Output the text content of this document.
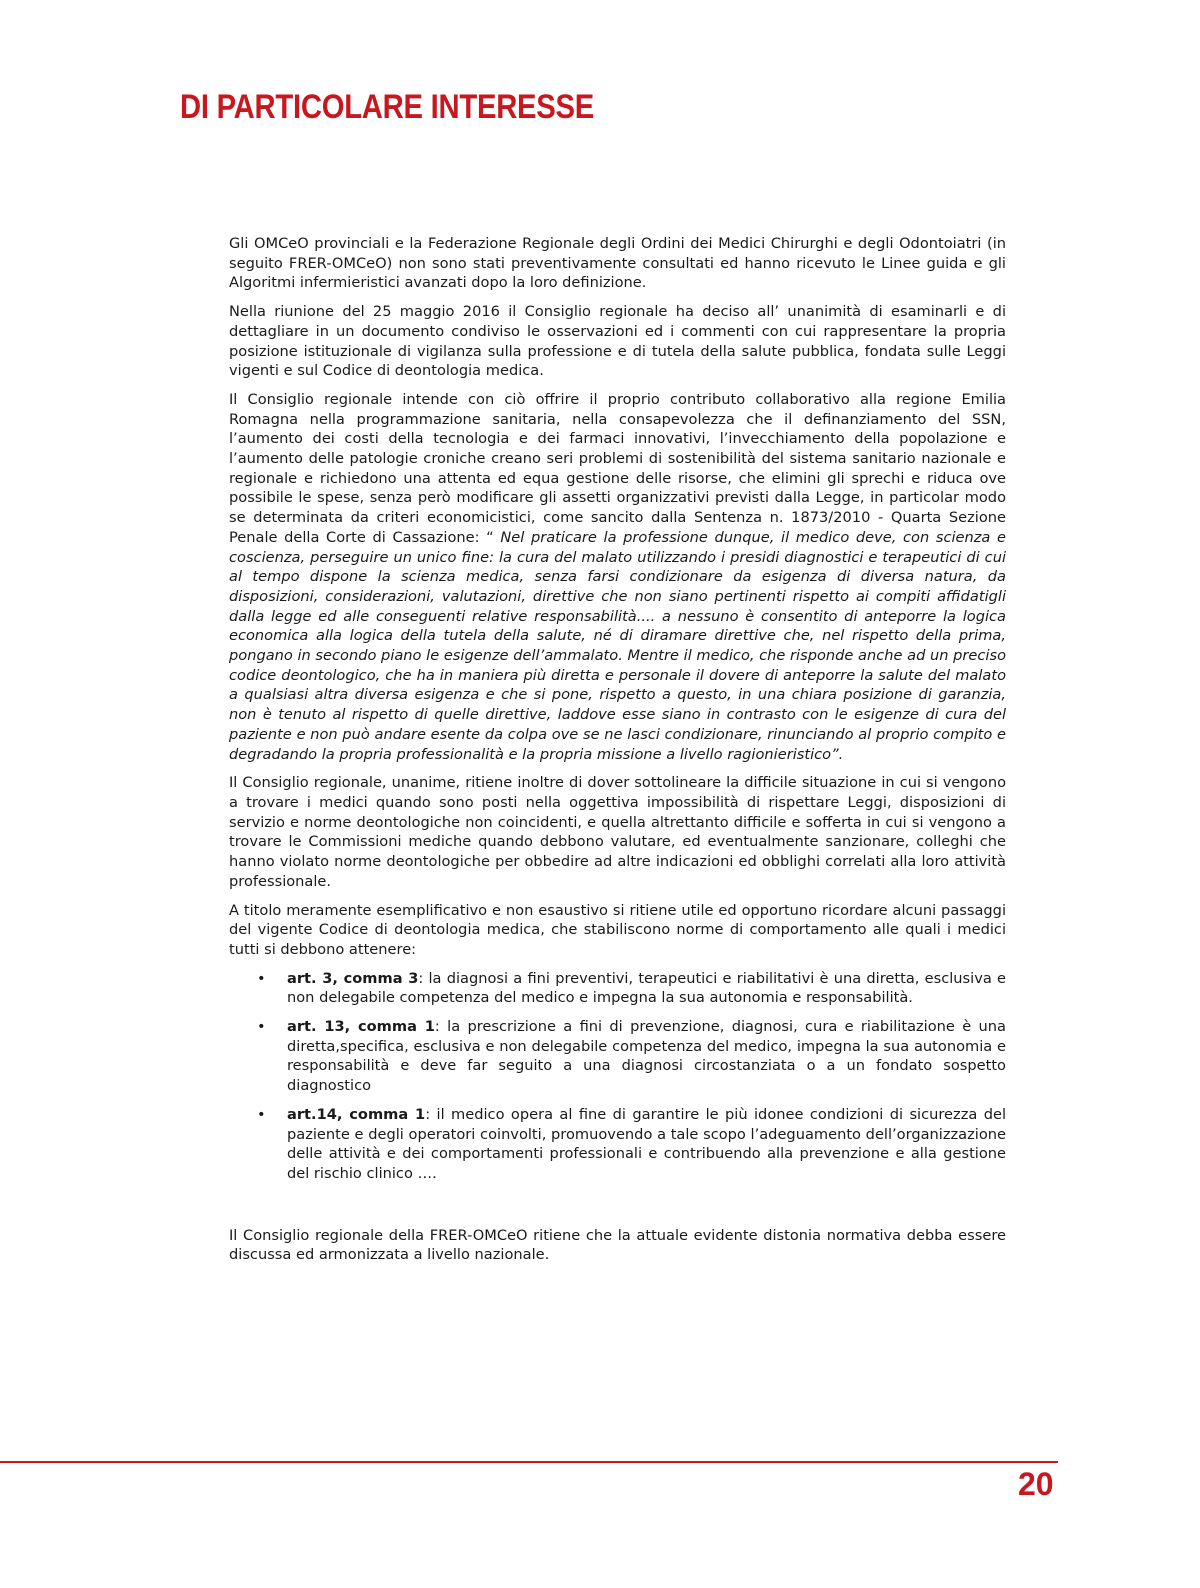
DI PARTICOLARE INTERESSE

Gli OMCeO provinciali e la Federazione Regionale degli Ordini dei Medici Chirurghi e degli Odontoiatri (in seguito FRER-OMCeO) non sono stati preventivamente consultati ed hanno ricevuto le Linee guida e gli Algoritmi infermieristici avanzati dopo la loro definizione.

Nella riunione del 25 maggio 2016 il Consiglio regionale ha deciso all’ unanimità di esaminarli e di dettagliare in un documento condiviso le osservazioni ed i commenti con cui rappresentare la propria posizione istituzionale di vigilanza sulla professione e di tutela della salute pubblica, fondata sulle Leggi vigenti e sul Codice di deontologia medica.

Il Consiglio regionale intende con ciò offrire il proprio contributo collaborativo alla regione Emilia Romagna nella programmazione sanitaria, nella consapevolezza che il definanziamento del SSN, l’aumento dei costi della tecnologia e dei farmaci innovativi, l’invecchiamento della popolazione e l’aumento delle patologie croniche creano seri problemi di sostenibilità del sistema sanitario nazionale e regionale e richiedono una attenta ed equa gestione delle risorse, che elimini gli sprechi e riduca ove possibile le spese, senza però modificare gli assetti organizzativi previsti dalla Legge, in particolar modo se determinata da criteri economicistici, come sancito dalla Sentenza n. 1873/2010 - Quarta Sezione Penale della Corte di Cassazione: “ Nel praticare la professione dunque, il medico deve, con scienza e coscienza, perseguire un unico fine: la cura del malato utilizzando i presidi diagnostici e terapeutici di cui al tempo dispone la scienza medica, senza farsi condizionare da esigenza di diversa natura, da disposizioni, considerazioni, valutazioni, direttive che non siano pertinenti rispetto ai compiti affidatigli dalla legge ed alle conseguenti relative responsabilità.... a nessuno è consentito di anteporre la logica economica alla logica della tutela della salute, né di diramare direttive che, nel rispetto della prima, pongano in secondo piano le esigenze dell’ammalato. Mentre il medico, che risponde anche ad un preciso codice deontologico, che ha in maniera più diretta e personale il dovere di anteporre la salute del malato a qualsiasi altra diversa esigenza e che si pone, rispetto a questo, in una chiara posizione di garanzia, non è tenuto al rispetto di quelle direttive, laddove esse siano in contrasto con le esigenze di cura del paziente e non può andare esente da colpa ove se ne lasci condizionare, rinunciando al proprio compito e degradando la propria professionalità e la propria missione a livello ragionieristico”.

Il Consiglio regionale, unanime, ritiene inoltre di dover sottolineare la difficile situazione in cui si vengono a trovare i medici quando sono posti nella oggettiva impossibilità di rispettare Leggi, disposizioni di servizio e norme deontologiche non coincidenti, e quella altrettanto difficile e sofferta in cui si vengono a trovare le Commissioni mediche quando debbono valutare, ed eventualmente sanzionare, colleghi che hanno violato norme deontologiche per obbedire ad altre indicazioni ed obblighi correlati alla loro attività professionale.

A titolo meramente esemplificativo e non esaustivo si ritiene utile ed opportuno ricordare alcuni passaggi del vigente Codice di deontologia medica, che stabiliscono norme di comportamento alle quali i medici tutti si debbono attenere:

• art. 3, comma 3: la diagnosi a fini preventivi, terapeutici e riabilitativi è una diretta, esclusiva e non delegabile competenza del medico e impegna la sua autonomia e responsabilità.
• art. 13, comma 1: la prescrizione a fini di prevenzione, diagnosi, cura e riabilitazione è una diretta,specifica, esclusiva e non delegabile competenza del medico, impegna la sua autonomia e responsabilità e deve far seguito a una diagnosi circostanziata o a un fondato sospetto diagnostico
• art.14, comma 1: il medico opera al fine di garantire le più idonee condizioni di sicurezza del paziente e degli operatori coinvolti, promuovendo a tale scopo l’adeguamento dell’organizzazione delle attività e dei comportamenti professionali e contribuendo alla prevenzione e alla gestione del rischio clinico ….

Il Consiglio regionale della FRER-OMCeO ritiene che la attuale evidente distonia normativa debba essere discussa ed armonizzata a livello nazionale.

20
